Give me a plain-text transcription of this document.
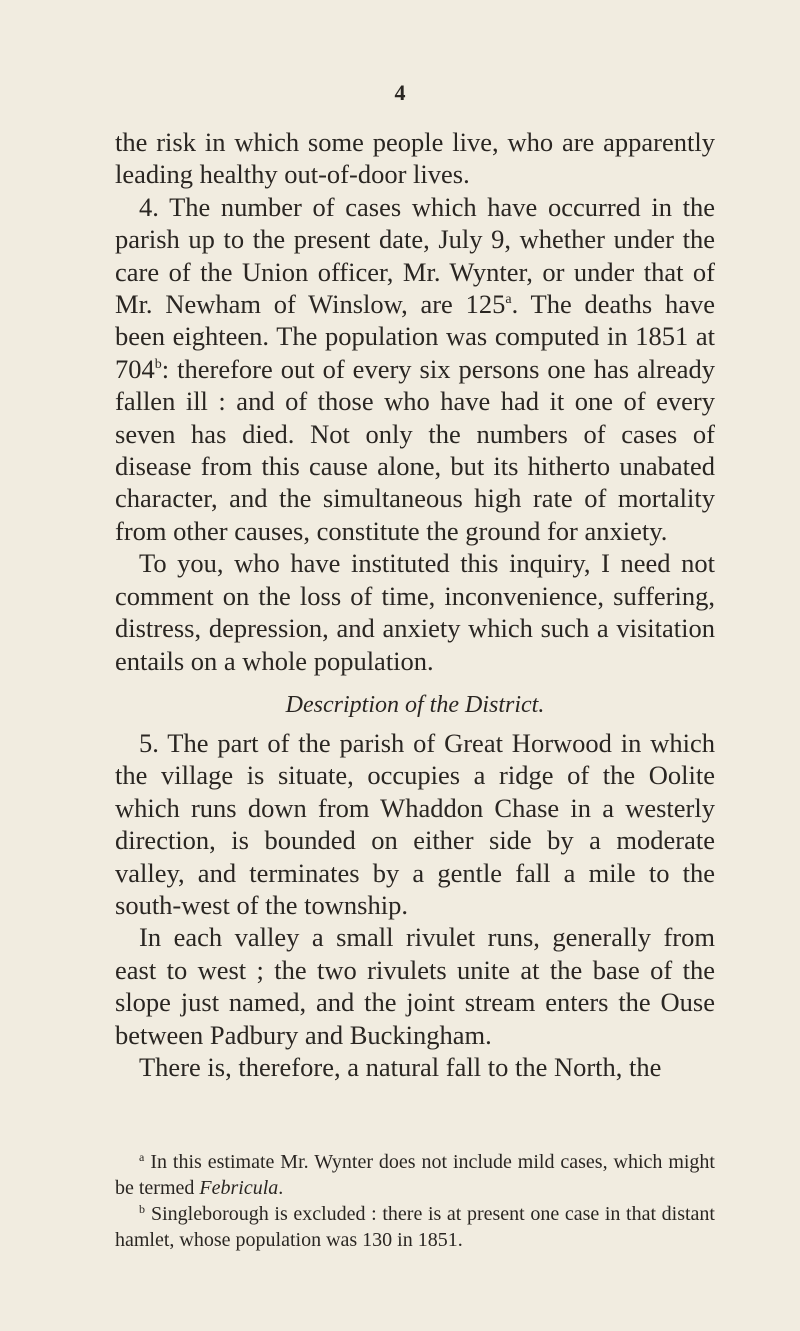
4

the risk in which some people live, who are apparently leading healthy out-of-door lives.

4. The number of cases which have occurred in the parish up to the present date, July 9, whether under the care of the Union officer, Mr. Wynter, or under that of Mr. Newham of Winslow, are 125$^a$. The deaths have been eighteen. The population was computed in 1851 at 704$^b$: therefore out of every six persons one has already fallen ill : and of those who have had it one of every seven has died. Not only the numbers of cases of disease from this cause alone, but its hitherto unabated character, and the simultaneous high rate of mortality from other causes, constitute the ground for anxiety.

To you, who have instituted this inquiry, I need not comment on the loss of time, inconvenience, suffering, distress, depression, and anxiety which such a visitation entails on a whole population.

Description of the District.

5. The part of the parish of Great Horwood in which the village is situate, occupies a ridge of the Oolite which runs down from Whaddon Chase in a westerly direction, is bounded on either side by a moderate valley, and terminates by a gentle fall a mile to the south-west of the township.

In each valley a small rivulet runs, generally from east to west ; the two rivulets unite at the base of the slope just named, and the joint stream enters the Ouse between Padbury and Buckingham.

There is, therefore, a natural fall to the North, the

$^a$ In this estimate Mr. Wynter does not include mild cases, which might be termed Febricula.

$^b$ Singleborough is excluded : there is at present one case in that distant hamlet, whose population was 130 in 1851.
